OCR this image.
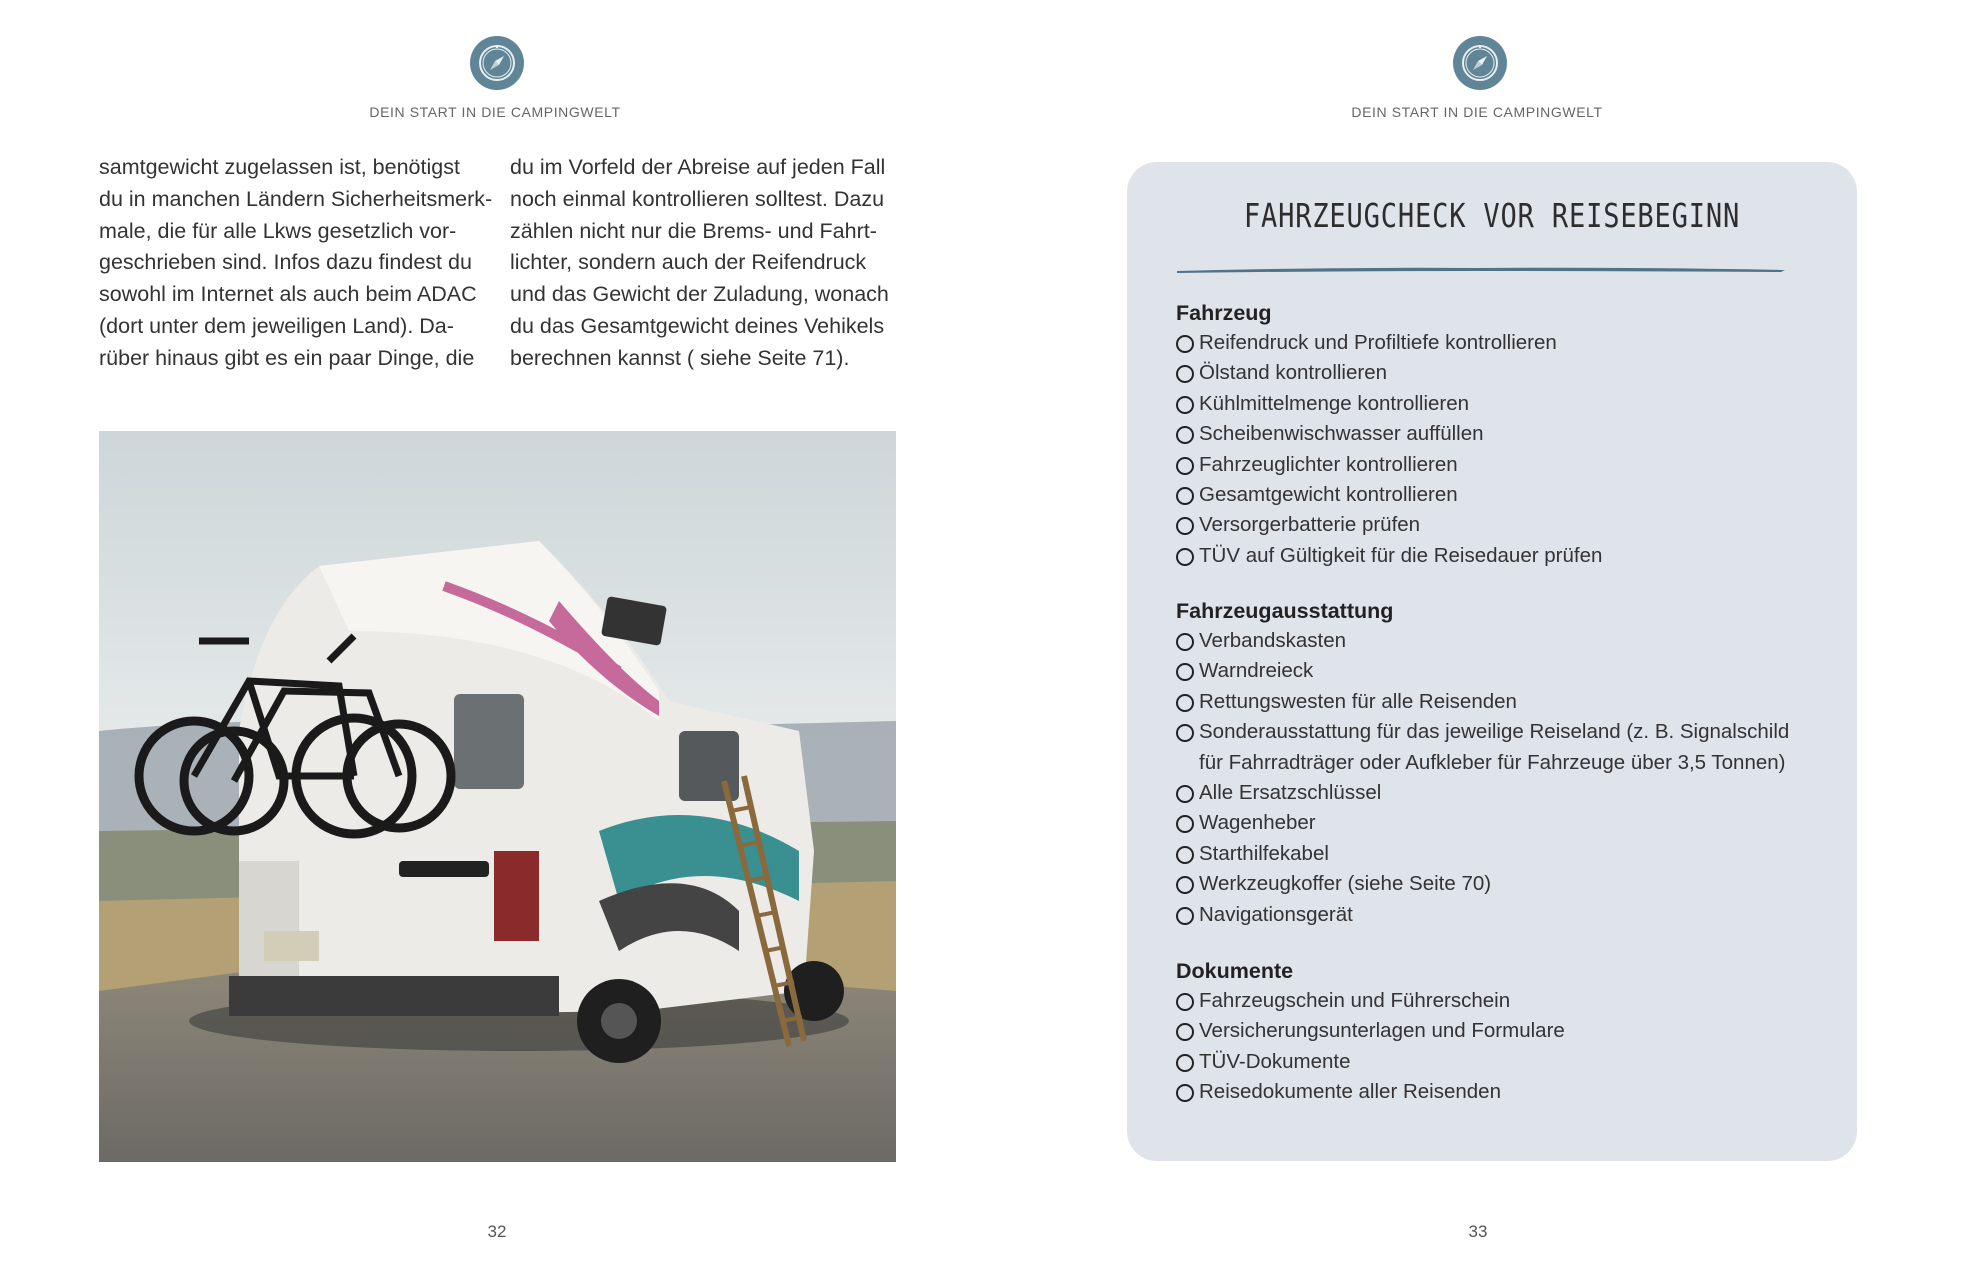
DEIN START IN DIE CAMPINGWELT
samtgewicht zugelassen ist, benötigst
du in manchen Ländern Sicherheitsmerk-
male, die für alle Lkws gesetzlich vor-
geschrieben sind. Infos dazu findest du
sowohl im Internet als auch beim ADAC
(dort unter dem jeweiligen Land). Da-
rüber hinaus gibt es ein paar Dinge, die
du im Vorfeld der Abreise auf jeden Fall
noch einmal kontrollieren solltest. Dazu
zählen nicht nur die Brems- und Fahrt-
lichter, sondern auch der Reifendruck
und das Gewicht der Zuladung, wonach
du das Gesamtgewicht deines Vehikels
berechnen kannst ( siehe Seite 71).
32
DEIN START IN DIE CAMPINGWELT
FAHRZEUGCHECK VOR REISEBEGINN
Fahrzeug
Reifendruck und Profiltiefe kontrollieren
Ölstand kontrollieren
Kühlmittelmenge kontrollieren
Scheibenwischwasser auffüllen
Fahrzeuglichter kontrollieren
Gesamtgewicht kontrollieren
Versorgerbatterie prüfen
TÜV auf Gültigkeit für die Reisedauer prüfen
Fahrzeugausstattung
Verbandskasten
Warndreieck
Rettungswesten für alle Reisenden
Sonderausstattung für das jeweilige Reiseland (z. B. Signalschild
für Fahrradträger oder Aufkleber für Fahrzeuge über 3,5 Tonnen)
Alle Ersatzschlüssel
Wagenheber
Starthilfekabel
Werkzeugkoffer (siehe Seite 70)
Navigationsgerät
Dokumente
Fahrzeugschein und Führerschein
Versicherungsunterlagen und Formulare
TÜV-Dokumente
Reisedokumente aller Reisenden
33
